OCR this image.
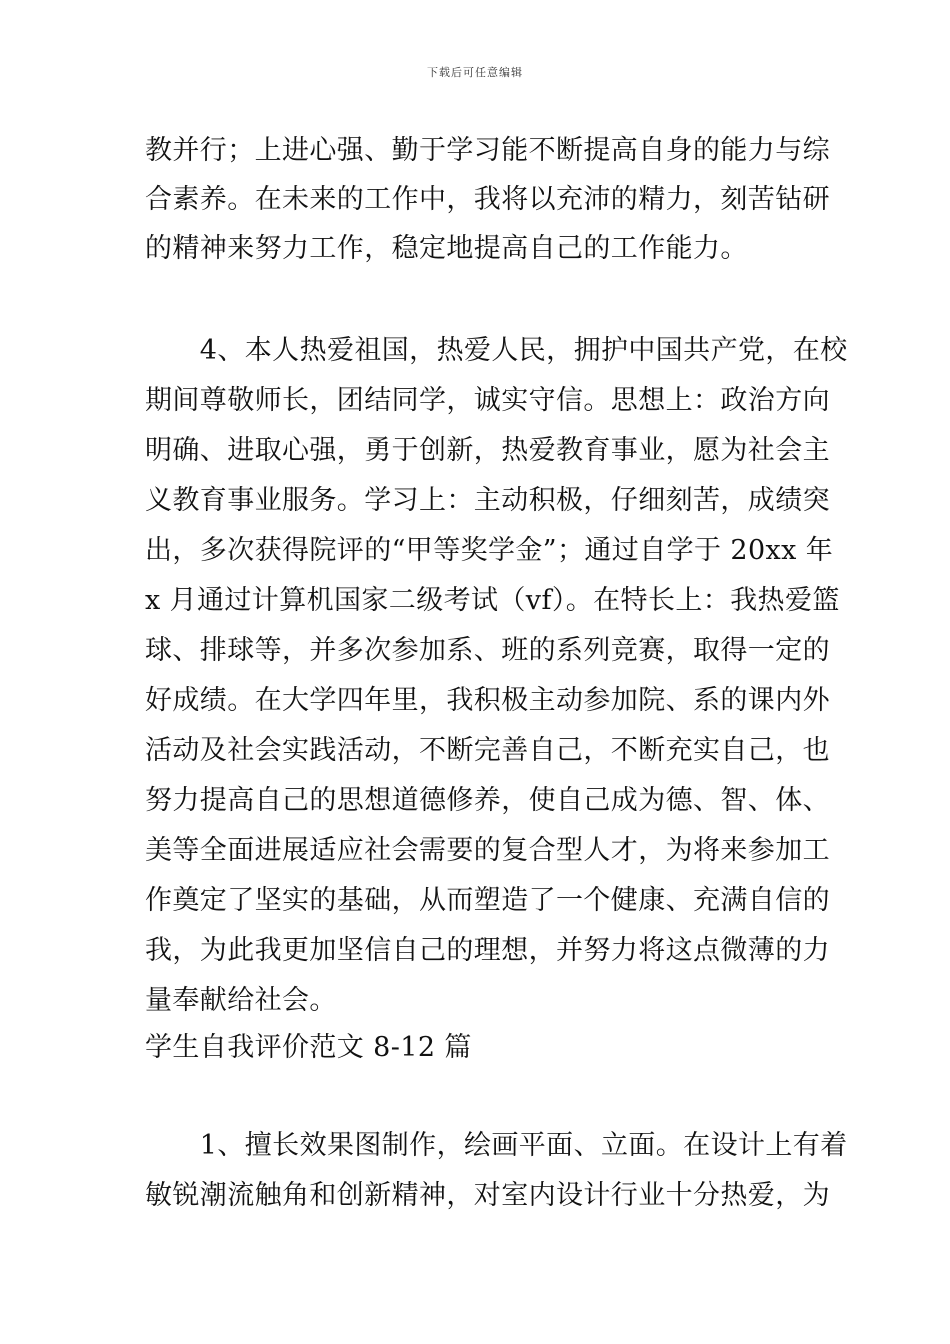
下载后可任意编辑
教并行；上进心强、勤于学习能不断提高自身的能力与综
合素养。在未来的工作中，我将以充沛的精力，刻苦钻研
的精神来努力工作，稳定地提高自己的工作能力。
　　4、本人热爱祖国，热爱人民，拥护中国共产党，在校
期间尊敬师长，团结同学，诚实守信。思想上：政治方向
明确、进取心强，勇于创新，热爱教育事业，愿为社会主
义教育事业服务。学习上：主动积极，仔细刻苦，成绩突
出，多次获得院评的“甲等奖学金”；通过自学于 20xx 年
x 月通过计算机国家二级考试（vf）。在特长上：我热爱篮
球、排球等，并多次参加系、班的系列竞赛，取得一定的
好成绩。在大学四年里，我积极主动参加院、系的课内外
活动及社会实践活动，不断完善自己，不断充实自己，也
努力提高自己的思想道德修养，使自己成为德、智、体、
美等全面进展适应社会需要的复合型人才，为将来参加工
作奠定了坚实的基础，从而塑造了一个健康、充满自信的
我，为此我更加坚信自己的理想，并努力将这点微薄的力
量奉献给社会。
学生自我评价范文 8-12 篇
　　1、擅长效果图制作，绘画平面、立面。在设计上有着
敏锐潮流触角和创新精神，对室内设计行业十分热爱，为
